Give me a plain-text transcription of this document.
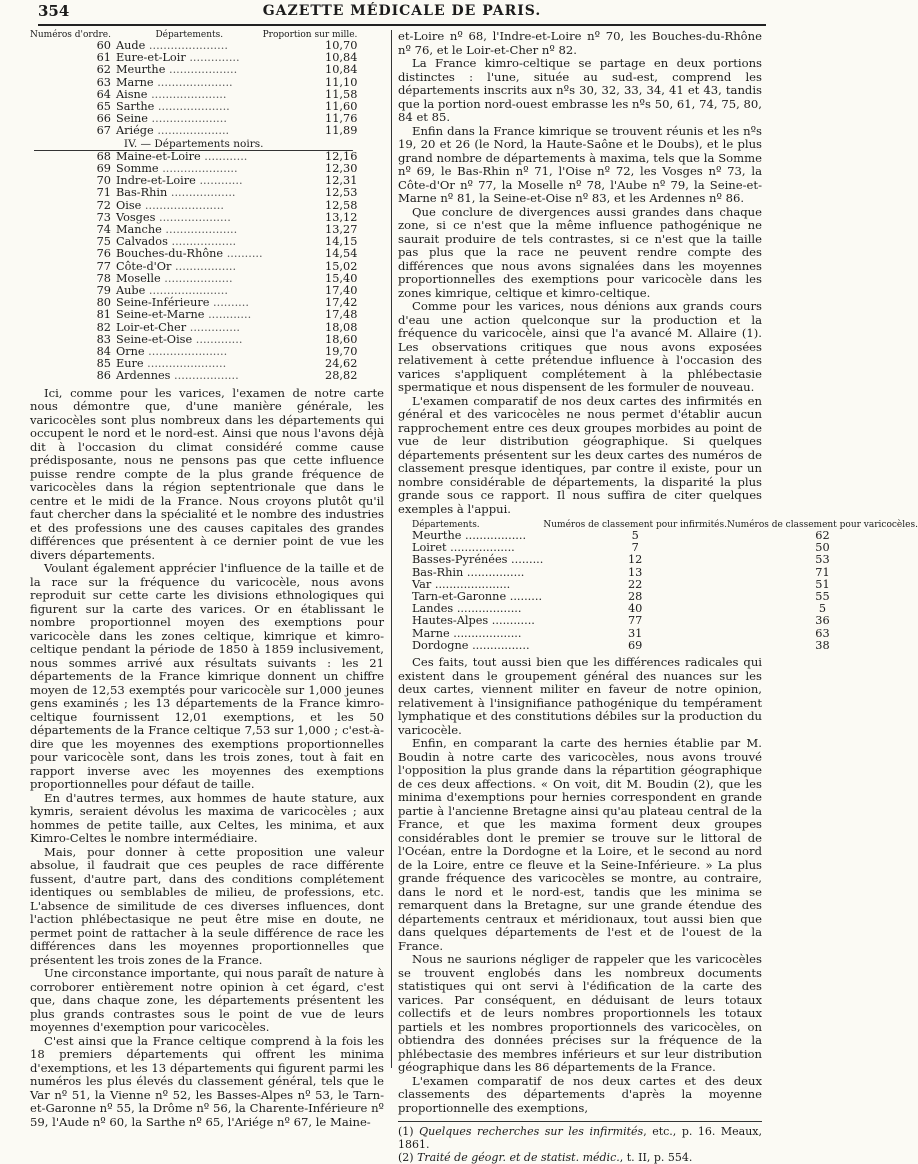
354	GAZETTE MÉDICALE DE PARIS.
Numéros d'ordre.	Départements.	Proportion sur mille.
60	Aude ......................	10,70
61	Eure-et-Loir ..............	10,84
62	Meurthe ...................	10,84
63	Marne .....................	11,10
64	Aisne .....................	11,58
65	Sarthe ....................	11,60
66	Seine .....................	11,76
67	Ariége ....................	11,89
IV. — Départements noirs.		

68	Maine-et-Loire ............	12,16
69	Somme .....................	12,30
70	Indre-et-Loire ............	12,31
71	Bas-Rhin ..................	12,53
72	Oise ......................	12,58
73	Vosges ....................	13,12
74	Manche ....................	13,27
75	Calvados ..................	14,15
76	Bouches-du-Rhône ..........	14,54
77	Côte-d'Or .................	15,02
78	Moselle ...................	15,40
79	Aube ......................	17,40
80	Seine-Inférieure ..........	17,42
81	Seine-et-Marne ............	17,48
82	Loir-et-Cher ..............	18,08
83	Seine-et-Oise .............	18,60
84	Orne ......................	19,70
85	Eure ......................	24,62
86	Ardennes ..................	28,82

Ici, comme pour les varices, l'examen de notre carte nous démontre que, d'une manière générale, les varicocèles sont plus nombreux dans les départements qui occupent le nord et le nord-est. Ainsi que nous l'avons déjà dit à l'occasion du climat considéré comme cause prédisposante, nous ne pensons pas que cette influence puisse rendre compte de la plus grande fréquence de varicocèles dans la région septentrionale que dans le centre et le midi de la France. Nous croyons plutôt qu'il faut chercher dans la spécialité et le nombre des industries et des professions une des causes capitales des grandes différences que présentent à ce dernier point de vue les divers départements.

Voulant également apprécier l'influence de la taille et de la race sur la fréquence du varicocèle, nous avons reproduit sur cette carte les divisions ethnologiques qui figurent sur la carte des varices. Or en établissant le nombre proportionnel moyen des exemptions pour varicocèle dans les zones celtique, kimrique et kimro-celtique pendant la période de 1850 à 1859 inclusivement, nous sommes arrivé aux résultats suivants : les 21 départements de la France kimrique donnent un chiffre moyen de 12,53 exemptés pour varicocèle sur 1,000 jeunes gens examinés ; les 13 départements de la France kimro-celtique fournissent 12,01 exemptions, et les 50 départements de la France celtique 7,53 sur 1,000 ; c'est-à-dire que les moyennes des exemptions proportionnelles pour varicocèle sont, dans les trois zones, tout à fait en rapport inverse avec les moyennes des exemptions proportionnelles pour défaut de taille.

En d'autres termes, aux hommes de haute stature, aux kymris, seraient dévolus les maxima de varicocèles ; aux hommes de petite taille, aux Celtes, les minima, et aux Kimro-Celtes le nombre intermédiaire.

Mais, pour donner à cette proposition une valeur absolue, il faudrait que ces peuples de race différente fussent, d'autre part, dans des conditions complétement identiques ou semblables de milieu, de professions, etc. L'absence de similitude de ces diverses influences, dont l'action phlébectasique ne peut être mise en doute, ne permet point de rattacher à la seule différence de race les différences dans les moyennes proportionnelles que présentent les trois zones de la France.

Une circonstance importante, qui nous paraît de nature à corroborer entièrement notre opinion à cet égard, c'est que, dans chaque zone, les départements présentent les plus grands contrastes sous le point de vue de leurs moyennes d'exemption pour varicocèles.

C'est ainsi que la France celtique comprend à la fois les 18 premiers départements qui offrent les minima d'exemptions, et les 13 départements qui figurent parmi les numéros les plus élevés du classement général, tels que le Var nº 51, la Vienne nº 52, les Basses-Alpes nº 53, le Tarn-et-Garonne nº 55, la Drôme nº 56, la Charente-Inférieure nº 59, l'Aude nº 60, la Sarthe nº 65, l'Ariége nº 67, le Maine-

et-Loire nº 68, l'Indre-et-Loire nº 70, les Bouches-du-Rhône nº 76, et le Loir-et-Cher nº 82.

La France kimro-celtique se partage en deux portions distinctes : l'une, située au sud-est, comprend les départements inscrits aux nºs 30, 32, 33, 34, 41 et 43, tandis que la portion nord-ouest embrasse les nºs 50, 61, 74, 75, 80, 84 et 85.

Enfin dans la France kimrique se trouvent réunis et les nºs 19, 20 et 26 (le Nord, la Haute-Saône et le Doubs), et le plus grand nombre de départements à maxima, tels que la Somme nº 69, le Bas-Rhin nº 71, l'Oise nº 72, les Vosges nº 73, la Côte-d'Or nº 77, la Moselle nº 78, l'Aube nº 79, la Seine-et-Marne nº 81, la Seine-et-Oise nº 83, et les Ardennes nº 86.

Que conclure de divergences aussi grandes dans chaque zone, si ce n'est que la même influence pathogénique ne saurait produire de tels contrastes, si ce n'est que la taille pas plus que la race ne peuvent rendre compte des différences que nous avons signalées dans les moyennes proportionnelles des exemptions pour varicocèle dans les zones kimrique, celtique et kimro-celtique.

Comme pour les varices, nous dénions aux grands cours d'eau une action quelconque sur la production et la fréquence du varicocèle, ainsi que l'a avancé M. Allaire (1). Les observations critiques que nous avons exposées relativement à cette prétendue influence à l'occasion des varices s'appliquent complétement à la phlébectasie spermatique et nous dispensent de les formuler de nouveau.

L'examen comparatif de nos deux cartes des infirmités en général et des varicocèles ne nous permet d'établir aucun rapprochement entre ces deux groupes morbides au point de vue de leur distribution géographique. Si quelques départements présentent sur les deux cartes des numéros de classement presque identiques, par contre il existe, pour un nombre considérable de départements, la disparité la plus grande sous ce rapport. Il nous suffira de citer quelques exemples à l'appui.

Départements.	Numéros de classement pour infirmités.	Numéros de classement pour varicocèles.
Meurthe .................	5	62
Loiret ..................	7	50
Basses-Pyrénées .........	12	53
Bas-Rhin ................	13	71
Var .....................	22	51
Tarn-et-Garonne .........	28	55
Landes ..................	40	5
Hautes-Alpes ............	77	36
Marne ...................	31	63
Dordogne ................	69	38

Ces faits, tout aussi bien que les différences radicales qui existent dans le groupement général des nuances sur les deux cartes, viennent militer en faveur de notre opinion, relativement à l'insignifiance pathogénique du tempérament lymphatique et des constitutions débiles sur la production du varicocèle.

Enfin, en comparant la carte des hernies établie par M. Boudin à notre carte des varicocèles, nous avons trouvé l'opposition la plus grande dans la répartition géographique de ces deux affections. « On voit, dit M. Boudin (2), que les minima d'exemptions pour hernies correspondent en grande partie à l'ancienne Bretagne ainsi qu'au plateau central de la France, et que les maxima forment deux groupes considérables dont le premier se trouve sur le littoral de l'Océan, entre la Dordogne et la Loire, et le second au nord de la Loire, entre ce fleuve et la Seine-Inférieure. » La plus grande fréquence des varicocèles se montre, au contraire, dans le nord et le nord-est, tandis que les minima se remarquent dans la Bretagne, sur une grande étendue des départements centraux et méridionaux, tout aussi bien que dans quelques départements de l'est et de l'ouest de la France.

Nous ne saurions négliger de rappeler que les varicocèles se trouvent englobés dans les nombreux documents statistiques qui ont servi à l'édification de la carte des varices. Par conséquent, en déduisant de leurs totaux collectifs et de leurs nombres proportionnels les totaux partiels et les nombres proportionnels des varicocèles, on obtiendra des données précises sur la fréquence de la phlébectasie des membres inférieurs et sur leur distribution géographique dans les 86 départements de la France.

L'examen comparatif de nos deux cartes et des deux classements des départements d'après la moyenne proportionnelle des exemptions,

(1) Quelques recherches sur les infirmités, etc., p. 16. Meaux, 1861.

(2) Traité de géogr. et de statist. médic., t. II, p. 554.
